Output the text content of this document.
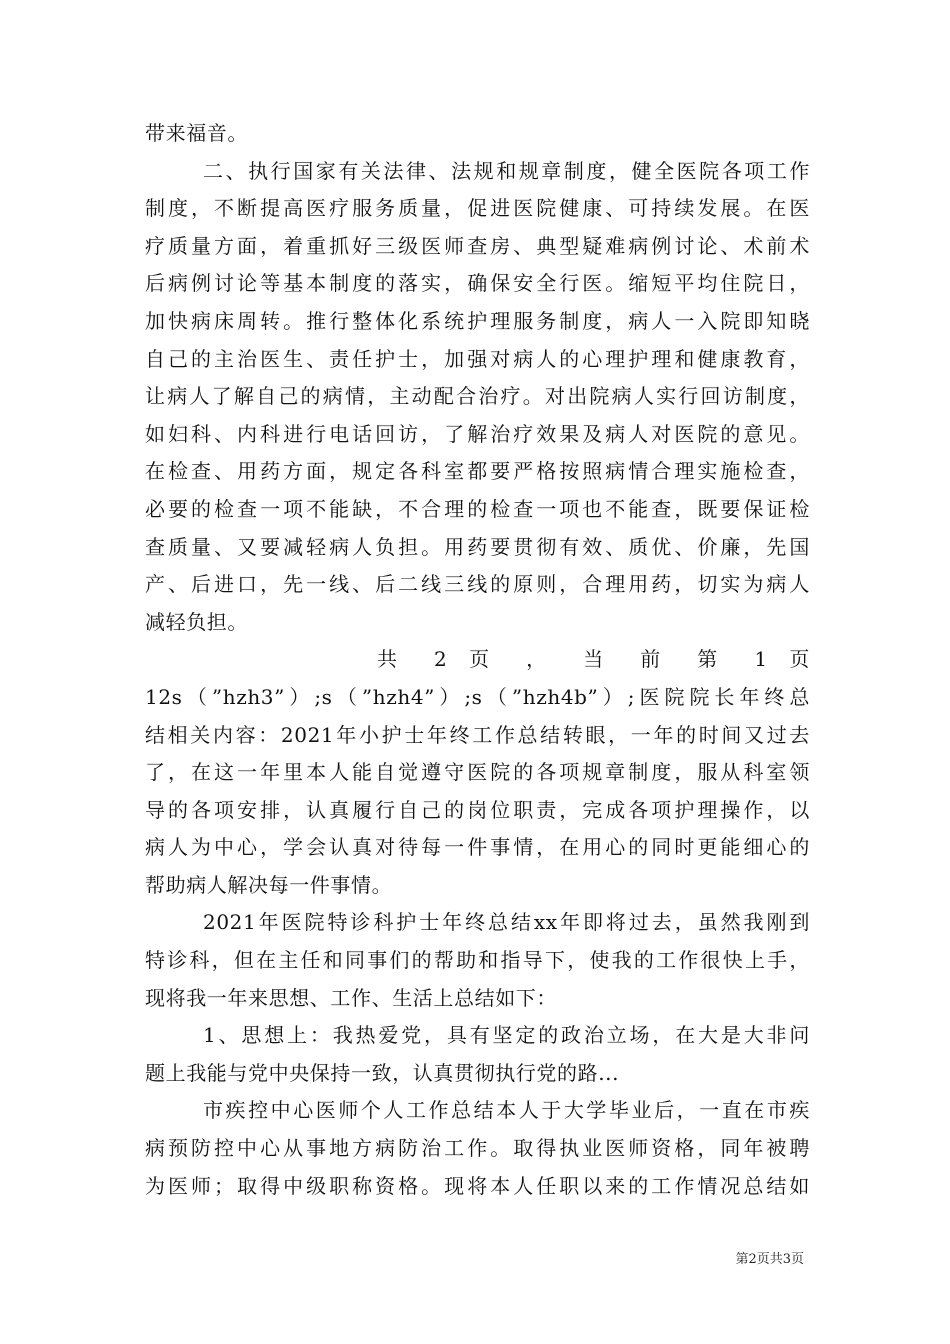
带来福音。
二、执行国家有关法律、法规和规章制度，健全医院各项工作
制度，不断提高医疗服务质量，促进医院健康、可持续发展。在医
疗质量方面，着重抓好三级医师查房、典型疑难病例讨论、术前术
后病例讨论等基本制度的落实，确保安全行医。缩短平均住院日，
加快病床周转。推行整体化系统护理服务制度，病人一入院即知晓
自己的主治医生、责任护士，加强对病人的心理护理和健康教育，
让病人了解自己的病情，主动配合治疗。对出院病人实行回访制度，
如妇科、内科进行电话回访，了解治疗效果及病人对医院的意见。
在检查、用药方面，规定各科室都要严格按照病情合理实施检查，
必要的检查一项不能缺，不合理的检查一项也不能查，既要保证检
查质量、又要减轻病人负担。用药要贯彻有效、质优、价廉，先国
产、后进口，先一线、后二线三线的原则，合理用药，切实为病人
减轻负担。
共 2 页 ， 当 前 第 1 页
12s（”hzh3”）;s（”hzh4”）;s（”hzh4b”）;医院院长年终总
结相关内容：2021年小护士年终工作总结转眼，一年的时间又过去
了，在这一年里本人能自觉遵守医院的各项规章制度，服从科室领
导的各项安排，认真履行自己的岗位职责，完成各项护理操作，以
病人为中心，学会认真对待每一件事情，在用心的同时更能细心的
帮助病人解决每一件事情。
2021年医院特诊科护士年终总结xx年即将过去，虽然我刚到
特诊科，但在主任和同事们的帮助和指导下，使我的工作很快上手，
现将我一年来思想、工作、生活上总结如下：
1、思想上：我热爱党，具有坚定的政治立场，在大是大非问
题上我能与党中央保持一致，认真贯彻执行党的路...
市疾控中心医师个人工作总结本人于大学毕业后，一直在市疾
病预防控中心从事地方病防治工作。取得执业医师资格，同年被聘
为医师；取得中级职称资格。现将本人任职以来的工作情况总结如
第2页共3页
